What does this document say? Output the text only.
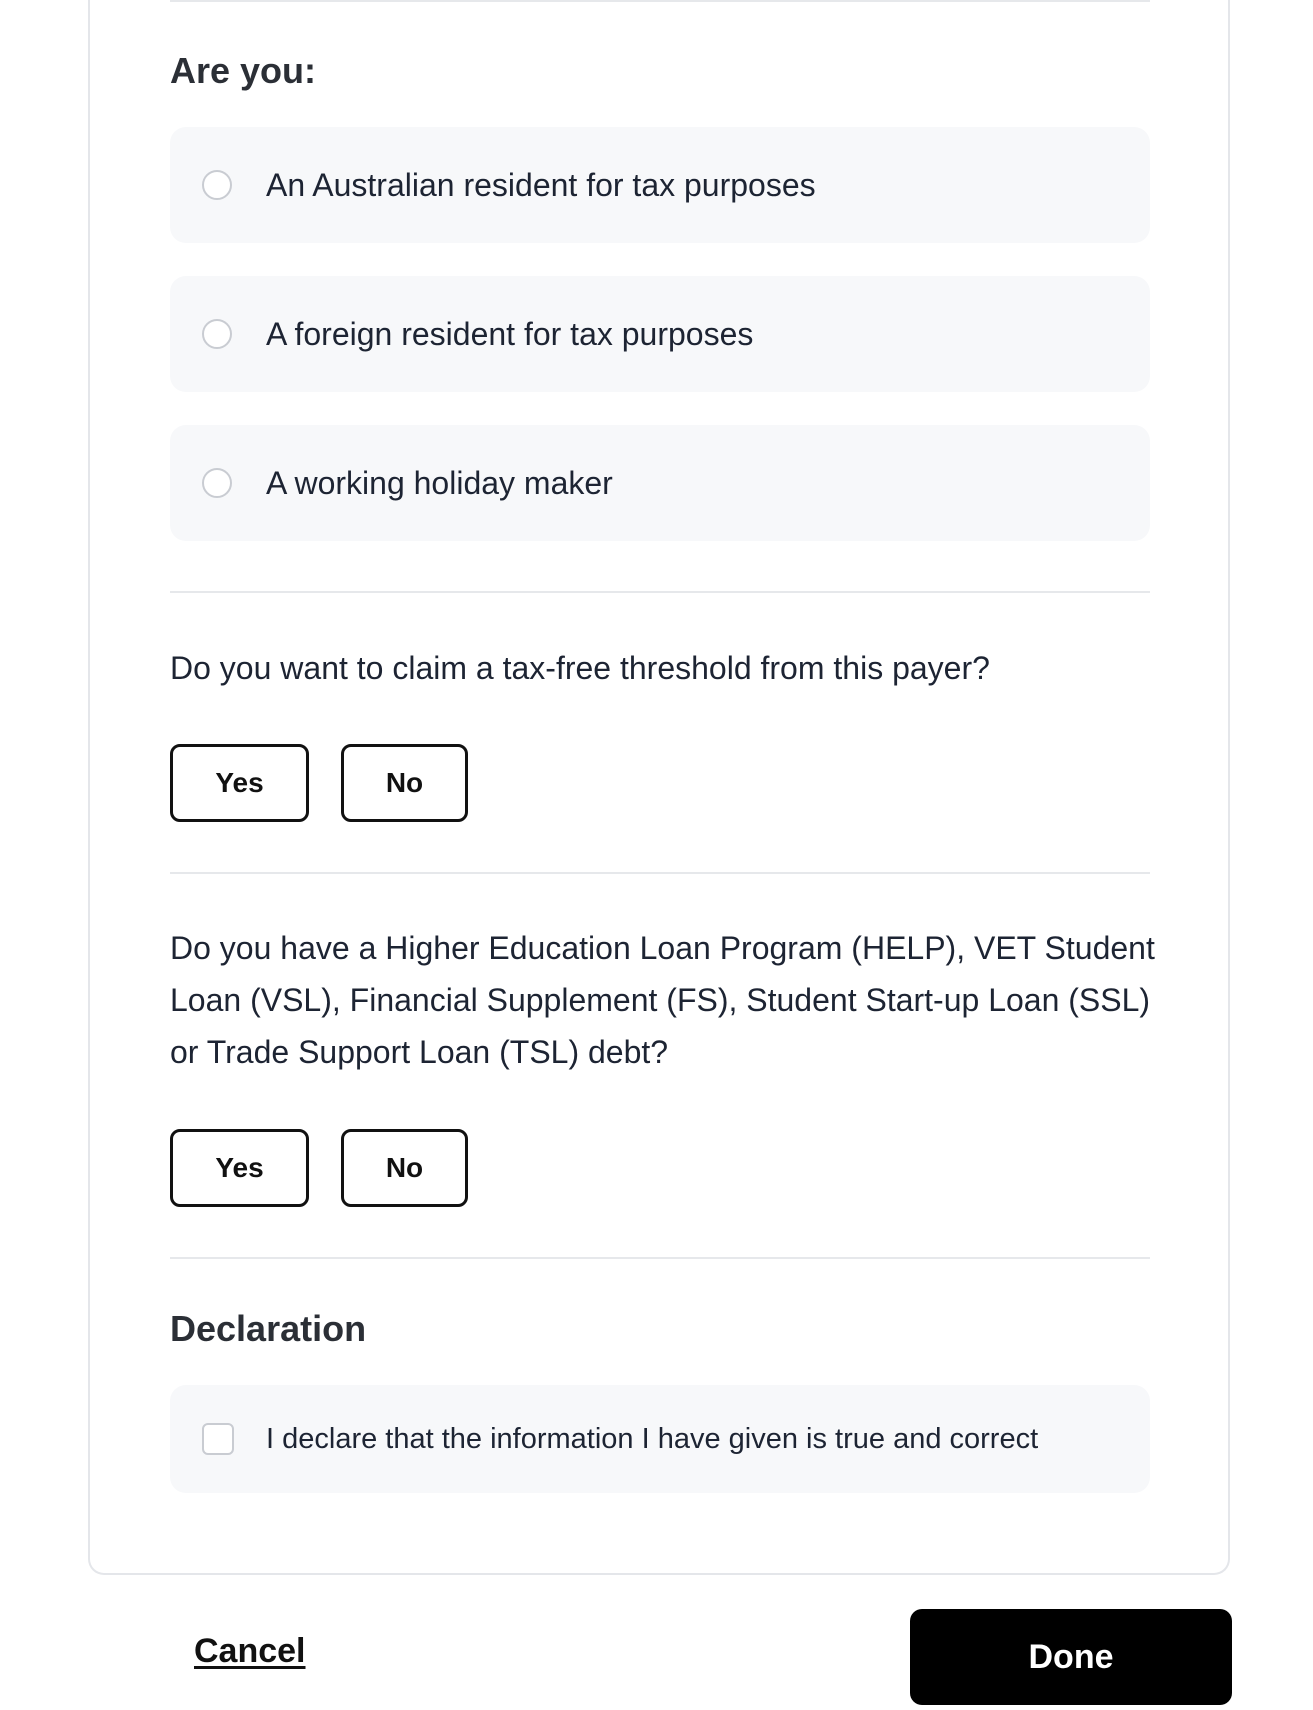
Are you:
An Australian resident for tax purposes
A foreign resident for tax purposes
A working holiday maker

Do you want to claim a tax-free threshold from this payer?

Yes	No

Do you have a Higher Education Loan Program (HELP), VET Student Loan (VSL), Financial Supplement (FS), Student Start-up Loan (SSL) or Trade Support Loan (TSL) debt?

Yes	No
Declaration
I declare that the information I have given is true and correct
Cancel	Done
